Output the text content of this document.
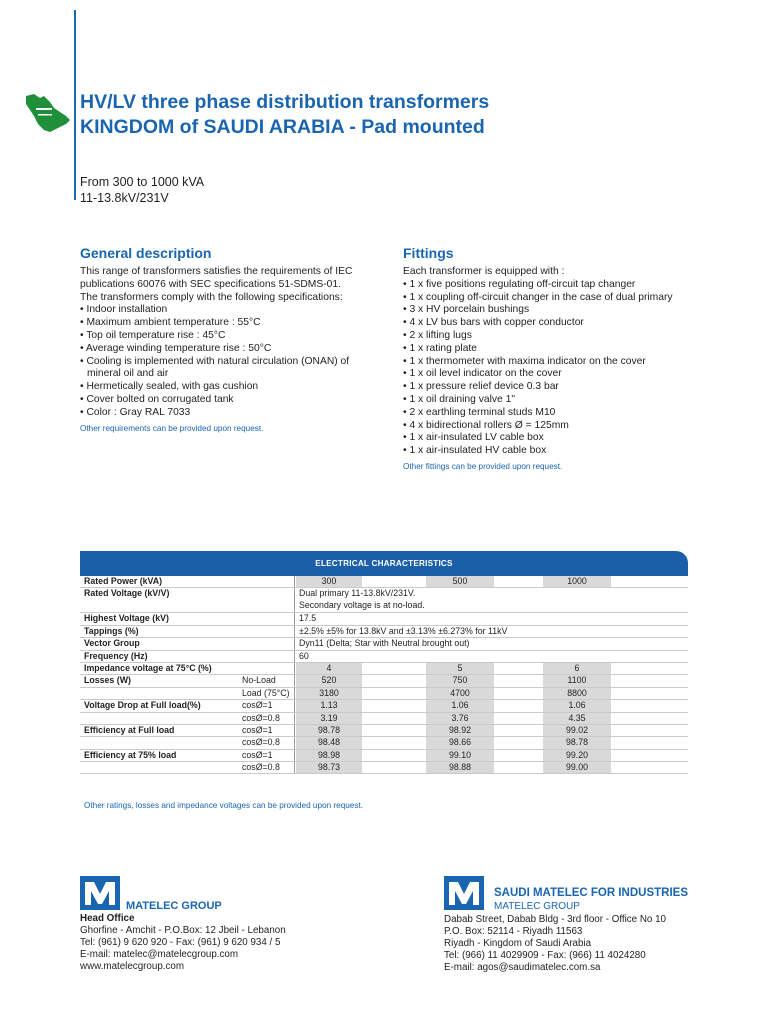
HV/LV three phase distribution transformers
KINGDOM of SAUDI ARABIA - Pad mounted
From 300 to 1000 kVA
11-13.8kV/231V
General description
This range of transformers satisfies the requirements of IEC
publications 60076 with SEC specifications 51-SDMS-01.
The transformers comply with the following specifications:
• Indoor installation
• Maximum ambient temperature : 55°C
• Top oil temperature rise : 45°C
• Average winding temperature rise : 50°C
• Cooling is implemented with natural circulation (ONAN) of
mineral oil and air
• Hermetically sealed, with gas cushion
• Cover bolted on corrugated tank
• Color : Gray RAL 7033
Other requirements can be provided upon request.
Fittings
Each transformer is equipped with :
• 1 x five positions regulating off-circuit tap changer
• 1 x coupling off-circuit changer in the case of dual primary
• 3 x HV porcelain bushings
• 4 x LV bus bars with copper conductor
• 2 x lifting lugs
• 1 x rating plate
• 1 x thermometer with maxima indicator on the cover
• 1 x oil level indicator on the cover
• 1 x pressure relief device 0.3 bar
• 1 x oil draining valve 1"
• 2 x earthling terminal studs M10
• 4 x bidirectional rollers Ø = 125mm
• 1 x air-insulated LV cable box
• 1 x air-insulated HV cable box
Other fittings can be provided upon request.
ELECTRICAL CHARACTERISTICS
Rated Power (kVA)	300	500	1000
Rated Voltage (kV/V)	Dual primary 11-13.8kV/231V.
Secondary voltage is at no-load.
Highest Voltage (kV)	17.5
Tappings (%)	±2.5% ±5% for 13.8kV and ±3.13% ±6.273% for 11kV
Vector Group	Dyn11 (Delta; Star with Neutral brought out)
Frequency (Hz)	60
Impedance voltage at 75°C (%)	4	5	6
Losses (W)	No-Load	520	750	1100
Load (75°C)	3180	4700	8800
Voltage Drop at Full load(%)	cosØ=1	1.13	1.06	1.06
cosØ=0.8	3.19	3.76	4.35
Efficiency at Full load	cosØ=1	98.78	98.92	99.02
cosØ=0.8	98.48	98.66	98.78
Efficiency at 75% load	cosØ=1	98.98	99.10	99.20
cosØ=0.8	98.73	98.88	99.00
Other ratings, losses and impedance voltages can be provided upon request.
MATELEC GROUP
Head Office
Ghorfine - Amchit - P.O.Box: 12 Jbeil - Lebanon
Tel: (961) 9 620 920 - Fax: (961) 9 620 934 / 5
E-mail: matelec@matelecgroup.com
www.matelecgroup.com
SAUDI MATELEC FOR INDUSTRIES
MATELEC GROUP
Dabab Street, Dabab Bldg - 3rd floor - Office No 10
P.O. Box: 52114 - Riyadh 11563
Riyadh - Kingdom of Saudi Arabia
Tel: (966) 11 4029909 - Fax: (966) 11 4024280
E-mail: agos@saudimatelec.com.sa
